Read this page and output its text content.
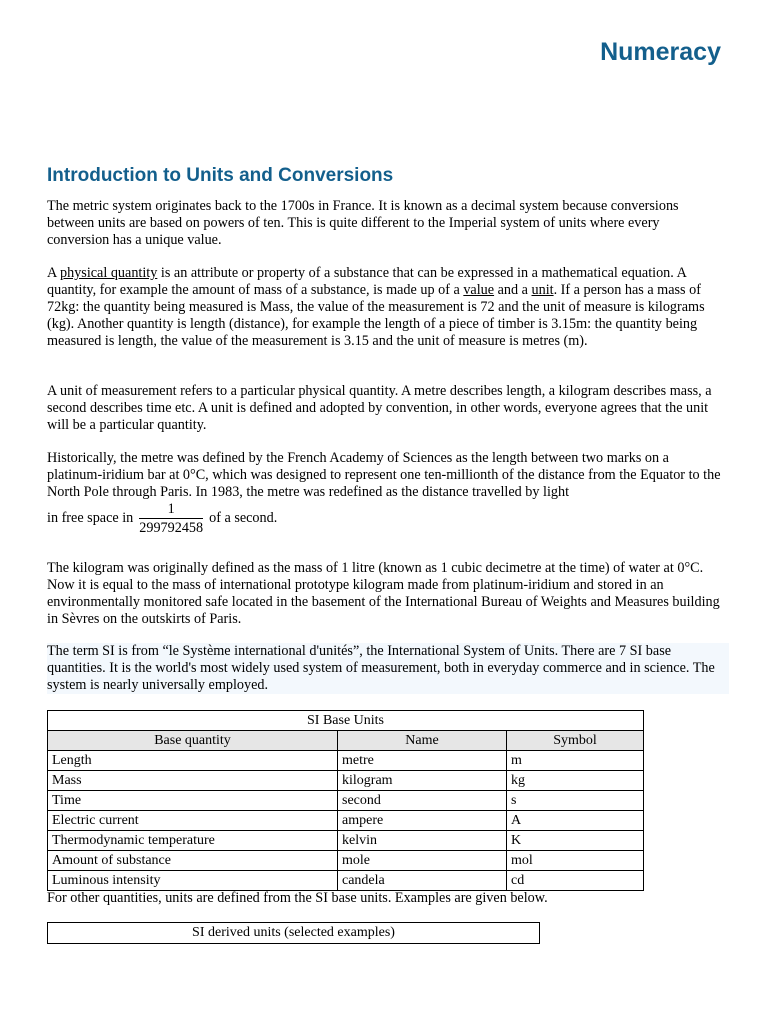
Numeracy
Introduction to Units and Conversions
The metric system originates back to the 1700s in France. It is known as a decimal system because conversions between units are based on powers of ten. This is quite different to the Imperial system of units where every conversion has a unique value.
A physical quantity is an attribute or property of a substance that can be expressed in a mathematical equation. A quantity, for example the amount of mass of a substance, is made up of a value and a unit. If a person has a mass of 72kg: the quantity being measured is Mass, the value of the measurement is 72 and the unit of measure is kilograms (kg). Another quantity is length (distance), for example the length of a piece of timber is 3.15m: the quantity being measured is length, the value of the measurement is 3.15 and the unit of measure is metres (m).
A unit of measurement refers to a particular physical quantity. A metre describes length, a kilogram describes mass, a second describes time etc. A unit is defined and adopted by convention, in other words, everyone agrees that the unit will be a particular quantity.
Historically, the metre was defined by the French Academy of Sciences as the length between two marks on a platinum-iridium bar at 0°C, which was designed to represent one ten-millionth of the distance from the Equator to the North Pole through Paris. In 1983, the metre was redefined as the distance travelled by light
in free space in $\frac{1}{299792458}$ of a second.
The kilogram was originally defined as the mass of 1 litre (known as 1 cubic decimetre at the time) of water at 0°C. Now it is equal to the mass of international prototype kilogram made from platinum-iridium and stored in an environmentally monitored safe located in the basement of the International Bureau of Weights and Measures building in Sèvres on the outskirts of Paris.
The term SI is from “le Système international d'unités”, the International System of Units. There are 7 SI base quantities. It is the world's most widely used system of measurement, both in everyday commerce and in science. The system is nearly universally employed.
SI Base Units		
Base quantity	Name	Symbol
Length	metre	m
Mass	kilogram	kg
Time	second	s
Electric current	ampere	A
Thermodynamic temperature	kelvin	K
Amount of substance	mole	mol
Luminous intensity	candela	cd
For other quantities, units are defined from the SI base units. Examples are given below.
SI derived units (selected examples)
